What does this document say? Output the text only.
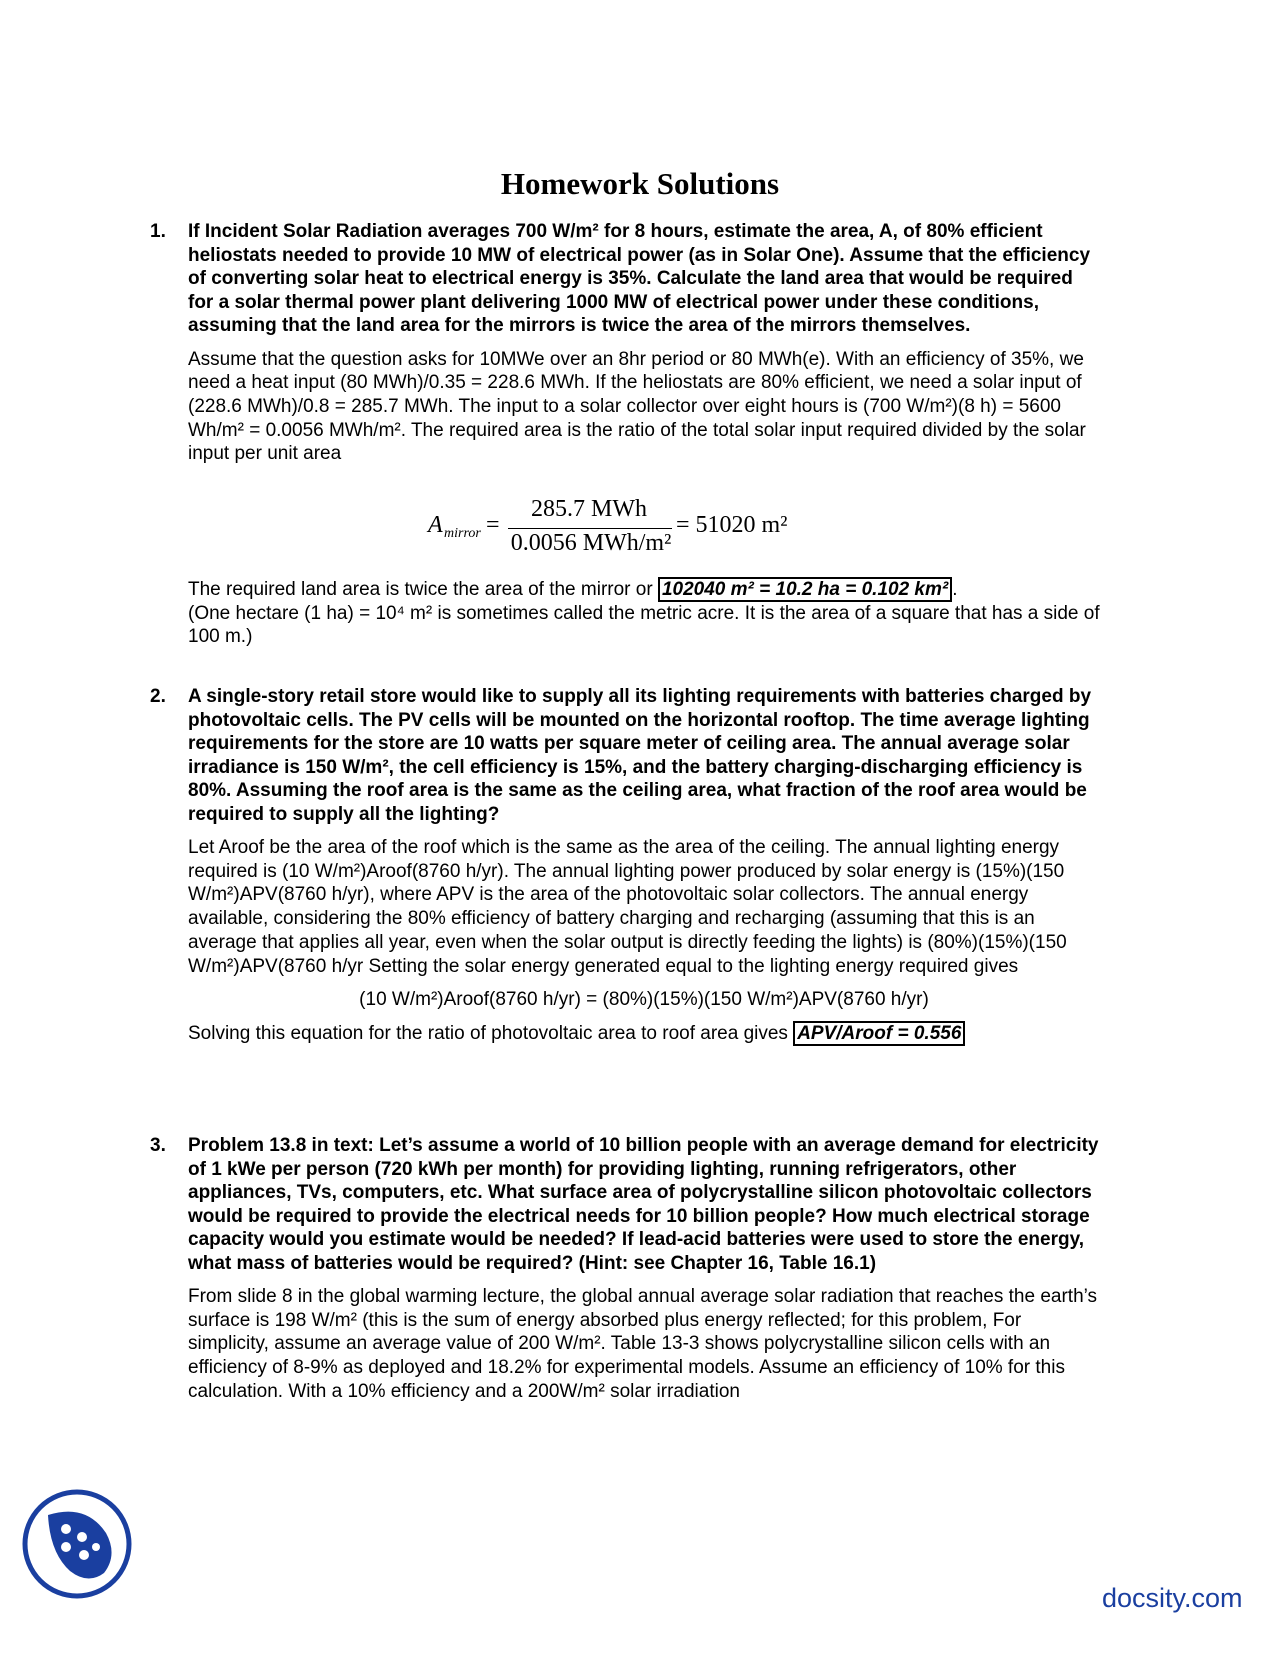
Homework Solutions
1. If Incident Solar Radiation averages 700 W/m² for 8 hours, estimate the area, A, of 80% efficient heliostats needed to provide 10 MW of electrical power (as in Solar One). Assume that the efficiency of converting solar heat to electrical energy is 35%. Calculate the land area that would be required for a solar thermal power plant delivering 1000 MW of electrical power under these conditions, assuming that the land area for the mirrors is twice the area of the mirrors themselves.

Assume that the question asks for 10MWe over an 8hr period or 80 MWh(e). With an efficiency of 35%, we need a heat input (80 MWh)/0.35 = 228.6 MWh. If the heliostats are 80% efficient, we need a solar input of (228.6 MWh)/0.8 = 285.7 MWh. The input to a solar collector over eight hours is (700 W/m²)(8 h) = 5600 Wh/m² = 0.0056 MWh/m². The required area is the ratio of the total solar input required divided by the solar input per unit area

A mirror =
285.7 MWh
0.0056 MWh/m²
= 51020 m²

The required land area is twice the area of the mirror or 102040 m² = 10.2 ha = 0.102 km² .

(One hectare (1 ha) = 10⁴ m² is sometimes called the metric acre. It is the area of a square that has a side of 100 m.)

2. A single-story retail store would like to supply all its lighting requirements with batteries charged by photovoltaic cells. The PV cells will be mounted on the horizontal rooftop. The time average lighting requirements for the store are 10 watts per square meter of ceiling area. The annual average solar irradiance is 150 W/m², the cell efficiency is 15%, and the battery charging-discharging efficiency is 80%. Assuming the roof area is the same as the ceiling area, what fraction of the roof area would be required to supply all the lighting?

Let Aroof be the area of the roof which is the same as the area of the ceiling. The annual lighting energy required is (10 W/m²)Aroof(8760 h/yr). The annual lighting power produced by solar energy is (15%)(150 W/m²)APV(8760 h/yr), where APV is the area of the photovoltaic solar collectors. The annual energy available, considering the 80% efficiency of battery charging and recharging (assuming that this is an average that applies all year, even when the solar output is directly feeding the lights) is (80%)(15%)(150 W/m²)APV(8760 h/yr Setting the solar energy generated equal to the lighting energy required gives

(10 W/m²)Aroof(8760 h/yr) = (80%)(15%)(150 W/m²)APV(8760 h/yr)

Solving this equation for the ratio of photovoltaic area to roof area gives APV/Aroof = 0.556

3. Problem 13.8 in text: Let’s assume a world of 10 billion people with an average demand for electricity of 1 kWe per person (720 kWh per month) for providing lighting, running refrigerators, other appliances, TVs, computers, etc. What surface area of polycrystalline silicon photovoltaic collectors would be required to provide the electrical needs for 10 billion people? How much electrical storage capacity would you estimate would be needed? If lead-acid batteries were used to store the energy, what mass of batteries would be required? (Hint: see Chapter 16, Table 16.1)

From slide 8 in the global warming lecture, the global annual average solar radiation that reaches the earth’s surface is 198 W/m² (this is the sum of energy absorbed plus energy reflected; for this problem, For simplicity, assume an average value of 200 W/m². Table 13-3 shows polycrystalline silicon cells with an efficiency of 8-9% as deployed and 18.2% for experimental models. Assume an efficiency of 10% for this calculation. With a 10% efficiency and a 200W/m² solar irradiation

docsity.com
